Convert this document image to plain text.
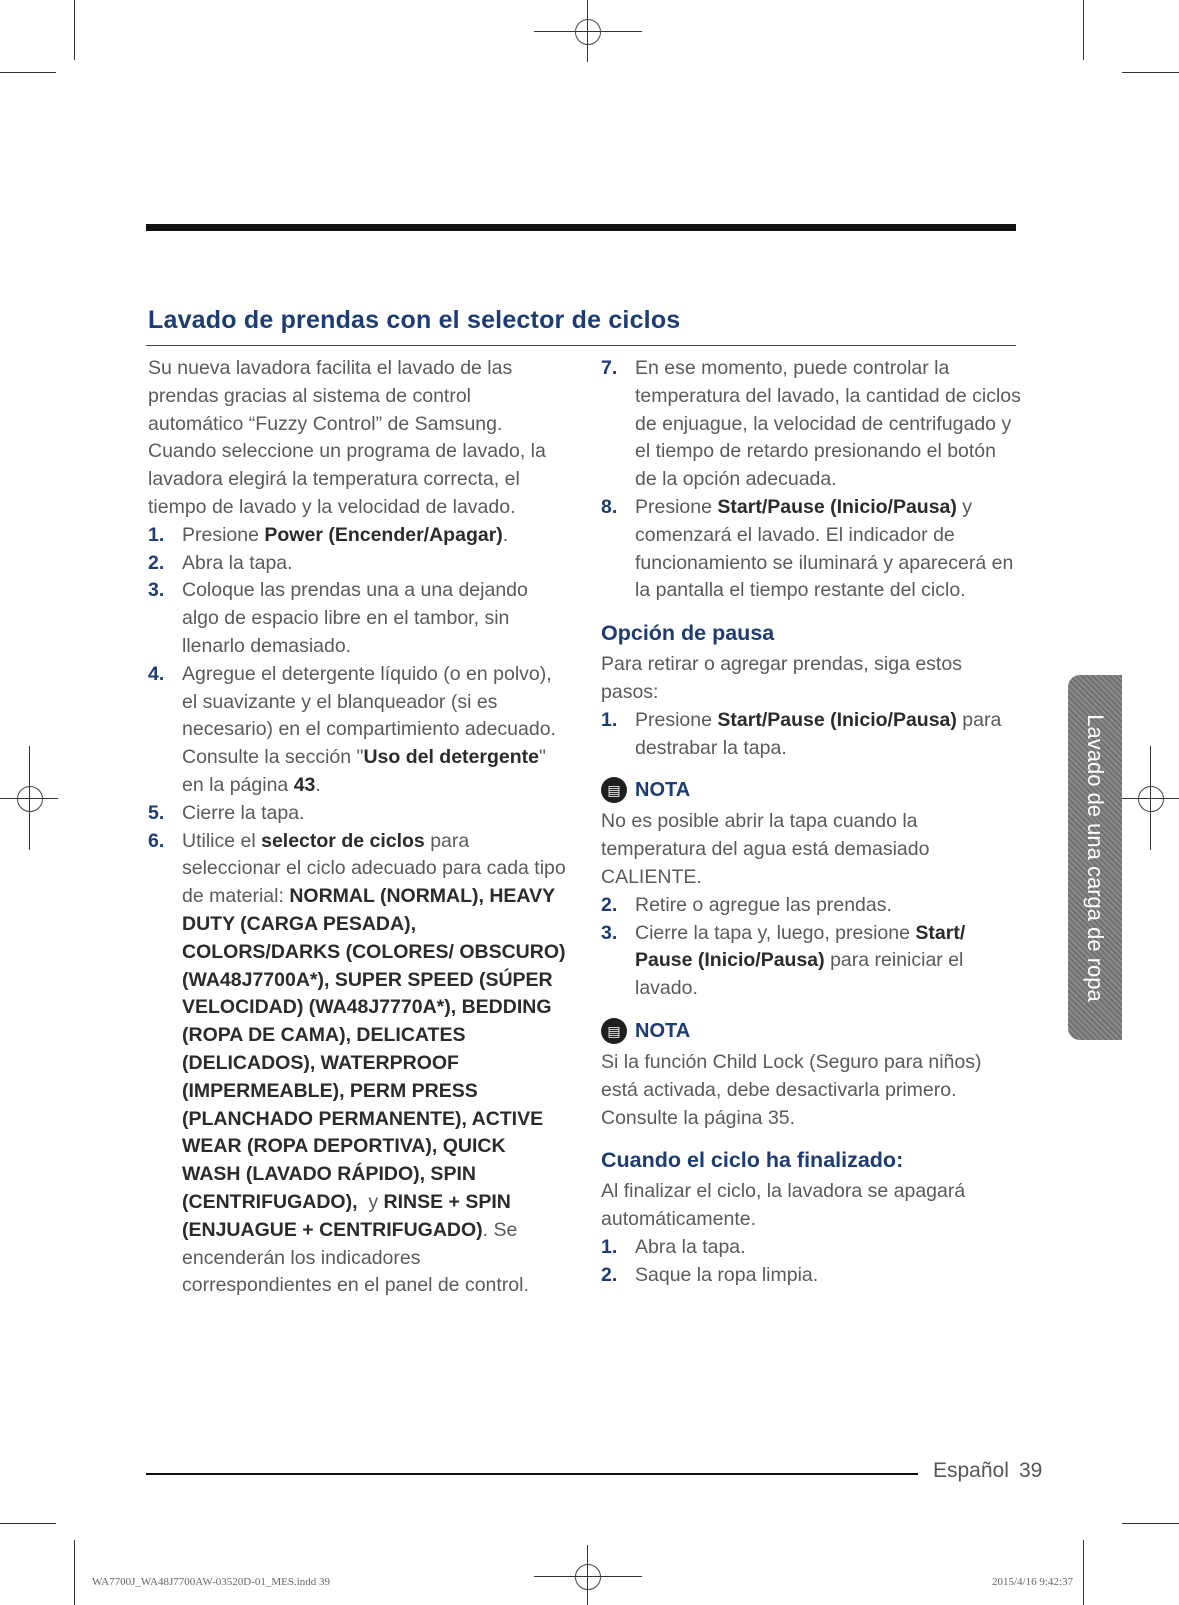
Lavado de prendas con el selector de ciclos

Su nueva lavadora facilita el lavado de las prendas gracias al sistema de control automático “Fuzzy Control” de Samsung. Cuando seleccione un programa de lavado, la lavadora elegirá la temperatura correcta, el tiempo de lavado y la velocidad de lavado.

1. Presione Power (Encender/Apagar).
2. Abra la tapa.
3. Coloque las prendas una a una dejando algo de espacio libre en el tambor, sin llenarlo demasiado.
4. Agregue el detergente líquido (o en polvo), el suavizante y el blanqueador (si es necesario) en el compartimiento adecuado. Consulte la sección "Uso del detergente" en la página 43.
5. Cierre la tapa.
6. Utilice el selector de ciclos para seleccionar el ciclo adecuado para cada tipo de material: NORMAL (NORMAL), HEAVY DUTY (CARGA PESADA), COLORS/DARKS (COLORES/ OBSCURO) (WA48J7700A*), SUPER SPEED (SÚPER VELOCIDAD) (WA48J7770A*), BEDDING (ROPA DE CAMA), DELICATES (DELICADOS), WATERPROOF (IMPERMEABLE), PERM PRESS (PLANCHADO PERMANENTE), ACTIVE WEAR (ROPA DEPORTIVA), QUICK WASH (LAVADO RÁPIDO), SPIN (CENTRIFUGADO),  y RINSE + SPIN (ENJUAGUE + CENTRIFUGADO). Se encenderán los indicadores correspondientes en el panel de control.
7. En ese momento, puede controlar la temperatura del lavado, la cantidad de ciclos de enjuague, la velocidad de centrifugado y el tiempo de retardo presionando el botón de la opción adecuada.
8. Presione Start/Pause (Inicio/Pausa) y comenzará el lavado. El indicador de funcionamiento se iluminará y aparecerá en la pantalla el tiempo restante del ciclo.
Opción de pausa

Para retirar o agregar prendas, siga estos pasos:

1. Presione Start/Pause (Inicio/Pausa) para destrabar la tapa.
▤ NOTA

No es posible abrir la tapa cuando la temperatura del agua está demasiado CALIENTE.

2. Retire o agregue las prendas.
3. Cierre la tapa y, luego, presione Start/ Pause (Inicio/Pausa) para reiniciar el lavado.
▤ NOTA

Si la función Child Lock (Seguro para niños) está activada, debe desactivarla primero. Consulte la página 35.

Cuando el ciclo ha finalizado:

Al finalizar el ciclo, la lavadora se apagará automáticamente.

1. Abra la tapa.
2. Saque la ropa limpia.
Lavado de una carga de ropa
Español 39
WA7700J_WA48J7700AW-03520D-01_MES.indd 39	2015/4/16 9:42:37
